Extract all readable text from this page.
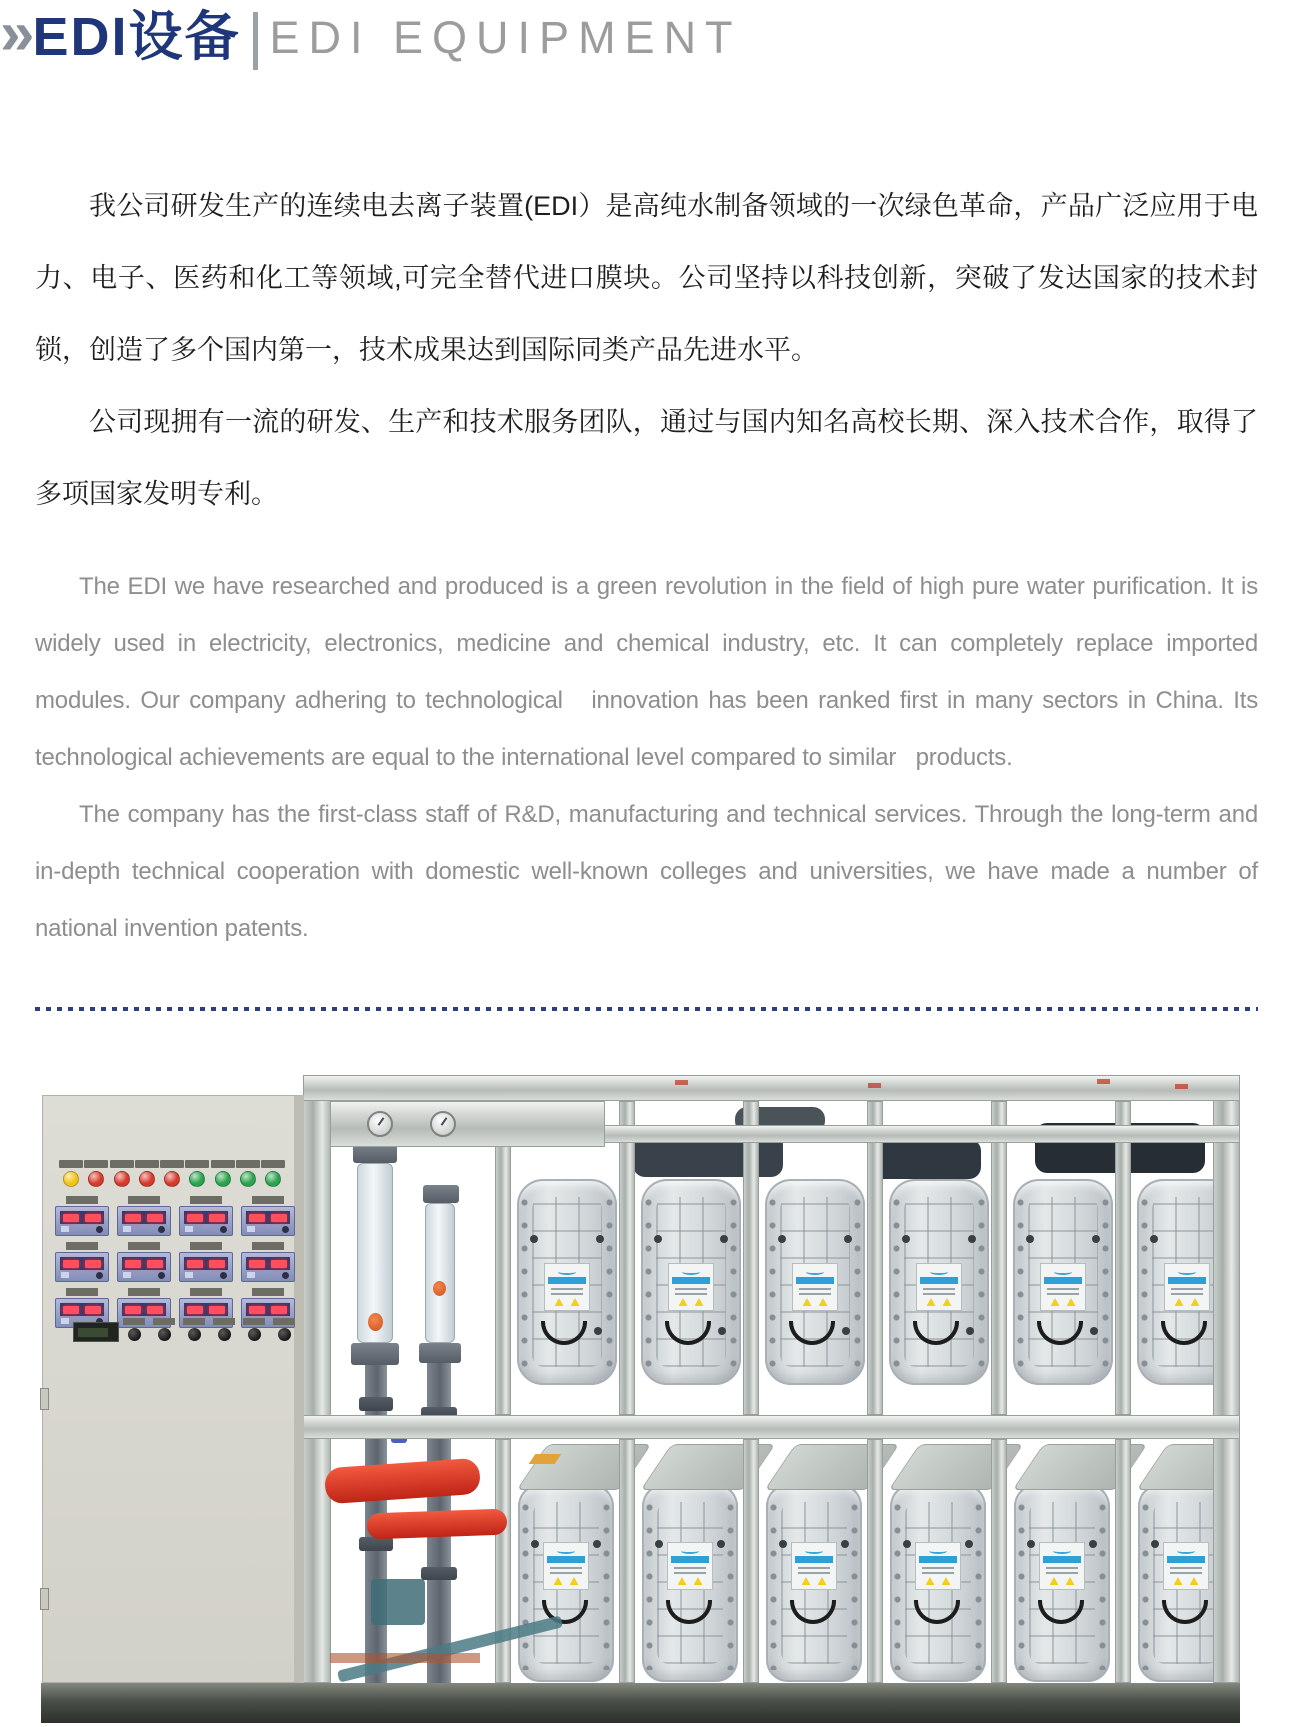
» EDI设备 EDI EQUIPMENT

我公司研发生产的连续电去离子装置(EDI）是高纯水制备领域的一次绿色革命，产品广泛应用于电力、电子、医药和化工等领域,可完全替代进口膜块。公司坚持以科技创新，突破了发达国家的技术封锁，创造了多个国内第一，技术成果达到国际同类产品先进水平。

公司现拥有一流的研发、生产和技术服务团队，通过与国内知名高校长期、深入技术合作，取得了多项国家发明专利。

The EDI we have researched and produced is a green revolution in the field of high pure water purification. It is widely used in electricity, electronics, medicine and chemical industry, etc. It can completely replace imported modules. Our company adhering to technological   innovation has been ranked first in many sectors in China. Its technological achievements are equal to the international level compared to similar   products.

The company has the first-class staff of R&D, manufacturing and technical services. Through the long-term and in-depth technical cooperation with domestic well-known colleges and universities, we have made a number of national invention patents.
